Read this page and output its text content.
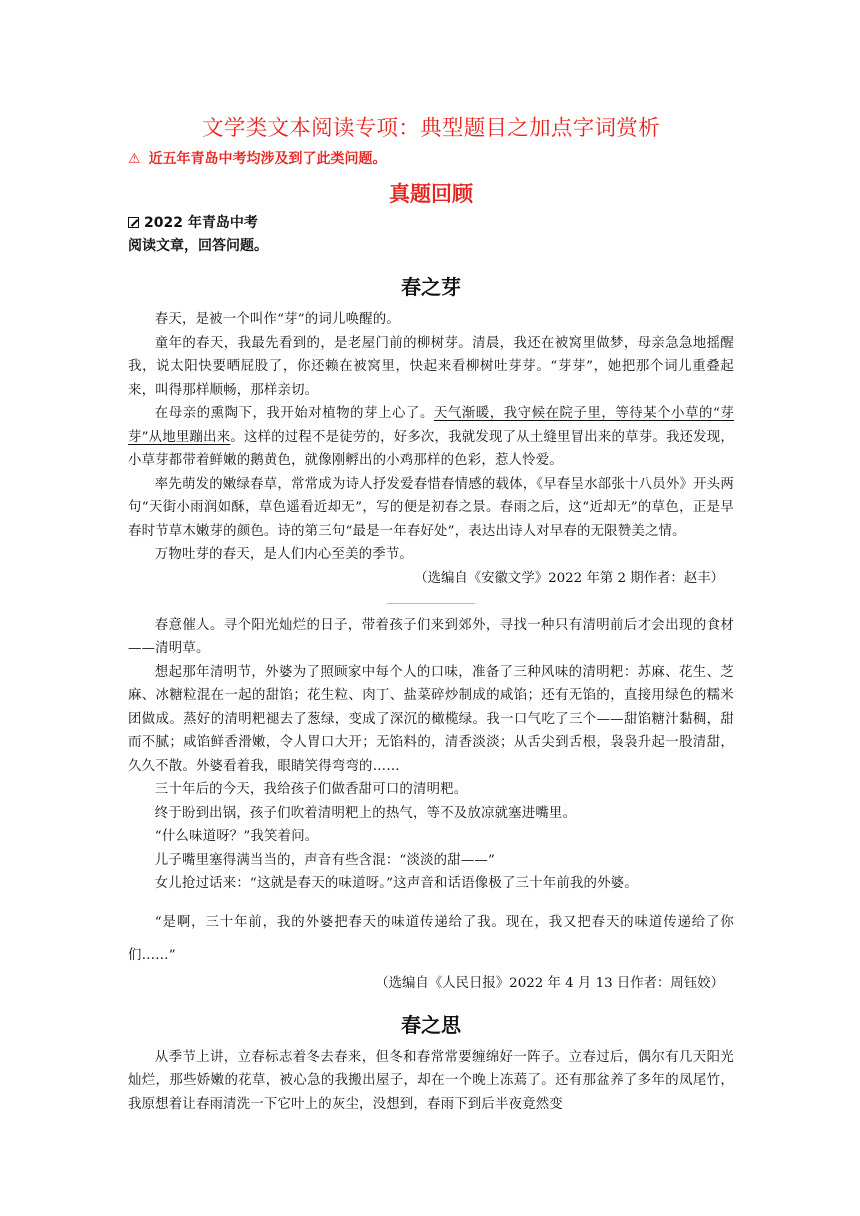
文学类文本阅读专项：典型题目之加点字词赏析
⚠ 近五年青岛中考均涉及到了此类问题。
真题回顾
2022 年青岛中考
阅读文章，回答问题。
春之芽

春天，是被一个叫作“芽”的词儿唤醒的。

童年的春天，我最先看到的，是老屋门前的柳树芽。清晨，我还在被窝里做梦，母亲急急地摇醒我，说太阳快要晒屁股了，你还赖在被窝里，快起来看柳树吐芽芽。“芽芽”，她把那个词儿重叠起来，叫得那样顺畅，那样亲切。

在母亲的熏陶下，我开始对植物的芽上心了。天气渐暖，我守候在院子里，等待某个小草的“芽芽”从地里蹦出来。这样的过程不是徒劳的，好多次，我就发现了从土缝里冒出来的草芽。我还发现，小草芽都带着鲜嫩的鹅黄色，就像刚孵出的小鸡那样的色彩，惹人怜爱。

率先萌发的嫩绿春草，常常成为诗人抒发爱春惜春情感的载体，《早春呈水部张十八员外》开头两句“天街小雨润如酥，草色遥看近却无”，写的便是初春之景。春雨之后，这“近却无”的草色，正是早春时节草木嫩芽的颜色。诗的第三句“最是一年春好处”，表达出诗人对早春的无限赞美之情。

万物吐芽的春天，是人们内心至美的季节。

（选编自《安徽文学》2022 年第 2 期作者：赵丰）

春意催人。寻个阳光灿烂的日子，带着孩子们来到郊外，寻找一种只有清明前后才会出现的食材——清明草。

想起那年清明节，外婆为了照顾家中每个人的口味，准备了三种风味的清明粑：苏麻、花生、芝麻、冰糖粒混在一起的甜馅；花生粒、肉丁、盐菜碎炒制成的咸馅；还有无馅的，直接用绿色的糯米团做成。蒸好的清明粑褪去了葱绿，变成了深沉的橄榄绿。我一口气吃了三个——甜馅糖汁黏稠，甜而不腻；咸馅鲜香滑嫩，令人胃口大开；无馅料的，清香淡淡；从舌尖到舌根，袅袅升起一股清甜，久久不散。外婆看着我，眼睛笑得弯弯的……

三十年后的今天，我给孩子们做香甜可口的清明粑。

终于盼到出锅，孩子们吹着清明粑上的热气，等不及放凉就塞进嘴里。

“什么味道呀？”我笑着问。

儿子嘴里塞得满当当的，声音有些含混：“淡淡的甜——”

女儿抢过话来：“这就是春天的味道呀。”这声音和话语像极了三十年前我的外婆。

“是啊，三十年前，我的外婆把春天的味道传递给了我。现在，我又把春天的味道传递给了你们……”

（选编自《人民日报》2022 年 4 月 13 日作者：周钰姣）

春之思

从季节上讲，立春标志着冬去春来，但冬和春常常要缠绵好一阵子。立春过后，偶尔有几天阳光灿烂，那些娇嫩的花草，被心急的我搬出屋子，却在一个晚上冻蔫了。还有那盆养了多年的凤尾竹，我原想着让春雨清洗一下它叶上的灰尘，没想到，春雨下到后半夜竟然变
